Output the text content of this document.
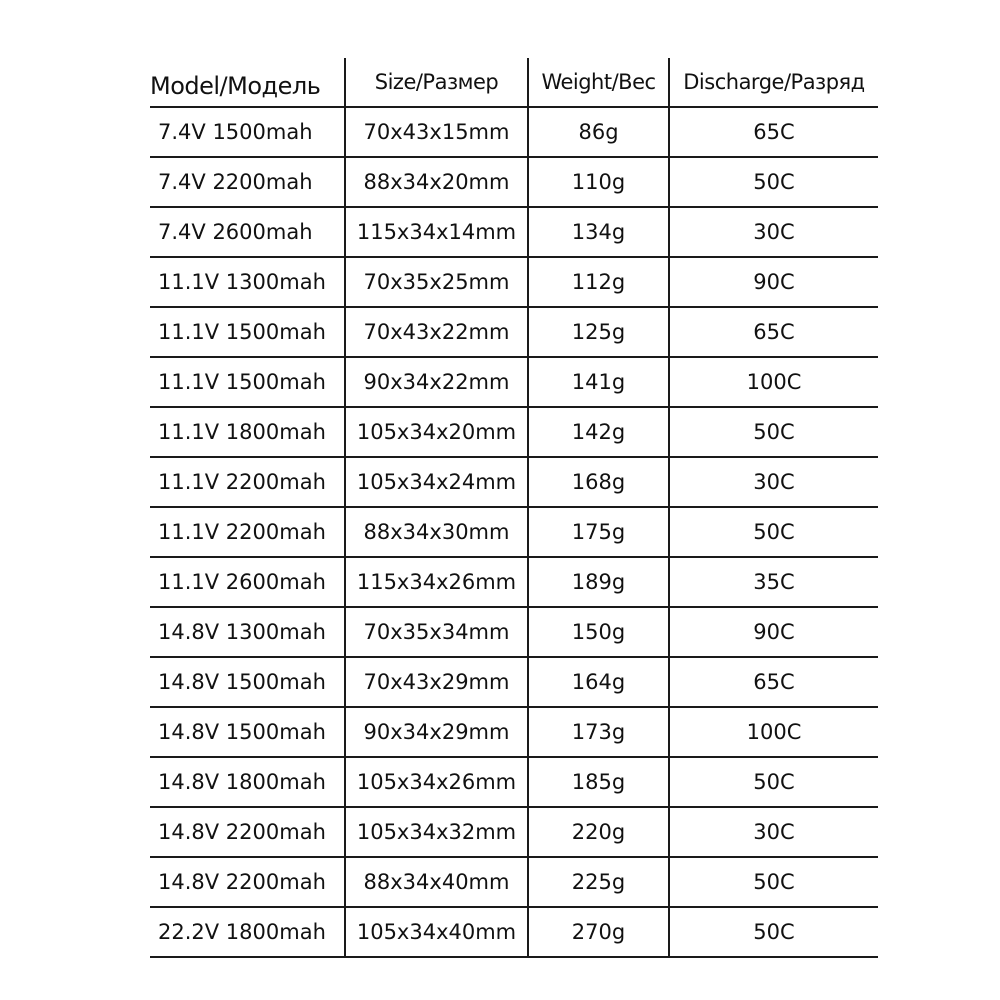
Model/Модель	Size/Размер	Weight/Bec	Discharge/Разряд
7.4V 1500mah	70x43x15mm	86g	65C
7.4V 2200mah	88x34x20mm	110g	50C
7.4V 2600mah	115x34x14mm	134g	30C
11.1V 1300mah	70x35x25mm	112g	90C
11.1V 1500mah	70x43x22mm	125g	65C
11.1V 1500mah	90x34x22mm	141g	100C
11.1V 1800mah	105x34x20mm	142g	50C
11.1V 2200mah	105x34x24mm	168g	30C
11.1V 2200mah	88x34x30mm	175g	50C
11.1V 2600mah	115x34x26mm	189g	35C
14.8V 1300mah	70x35x34mm	150g	90C
14.8V 1500mah	70x43x29mm	164g	65C
14.8V 1500mah	90x34x29mm	173g	100C
14.8V 1800mah	105x34x26mm	185g	50C
14.8V 2200mah	105x34x32mm	220g	30C
14.8V 2200mah	88x34x40mm	225g	50C
22.2V 1800mah	105x34x40mm	270g	50C
